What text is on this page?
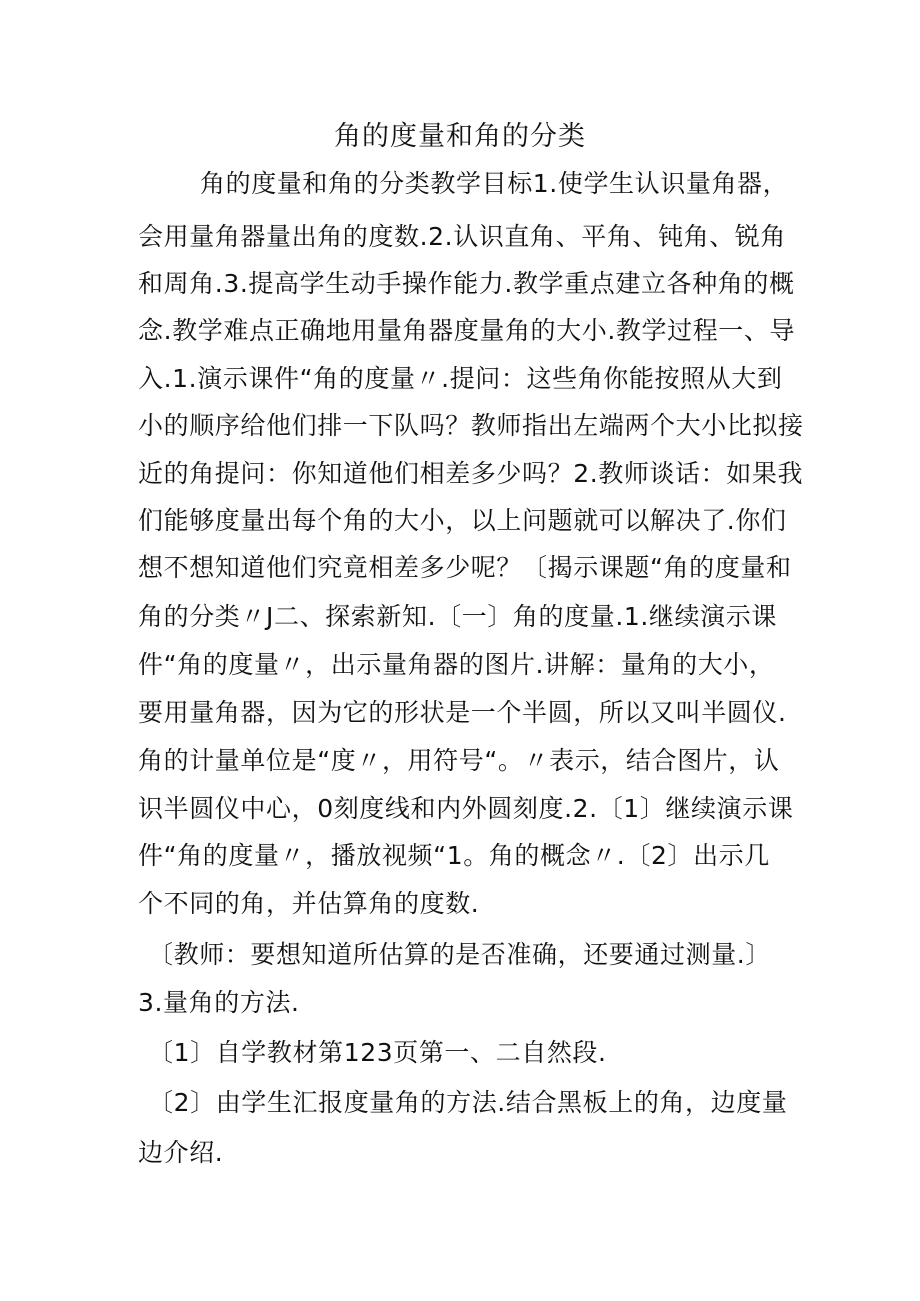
角的度量和角的分类

角的度量和角的分类教学目标1.使学生认识量角器，

会用量角器量出角的度数.2.认识直角、平角、钝角、锐角

和周角.3.提高学生动手操作能力.教学重点建立各种角的概

念.教学难点正确地用量角器度量角的大小.教学过程一、导

入.1.演示课件“角的度量〃.提问：这些角你能按照从大到

小的顺序给他们排一下队吗？教师指出左端两个大小比拟接

近的角提问：你知道他们相差多少吗？2.教师谈话：如果我

们能够度量出每个角的大小，以上问题就可以解决了.你们

想不想知道他们究竟相差多少呢？〔揭示课题“角的度量和

角的分类〃J二、探索新知.〔一〕角的度量.1.继续演示课

件“角的度量〃，出示量角器的图片.讲解：量角的大小，

要用量角器，因为它的形状是一个半圆，所以又叫半圆仪.

角的计量单位是“度〃，用符号“。〃表示，结合图片，认

识半圆仪中心，0刻度线和内外圆刻度.2.〔1〕继续演示课

件“角的度量〃，播放视频“1。角的概念〃.〔2〕出示几

个不同的角，并估算角的度数.

〔教师：要想知道所估算的是否准确，还要通过测量.〕

3.量角的方法.

〔1〕自学教材第123页第一、二自然段.

〔2〕由学生汇报度量角的方法.结合黑板上的角，边度量

边介绍.
